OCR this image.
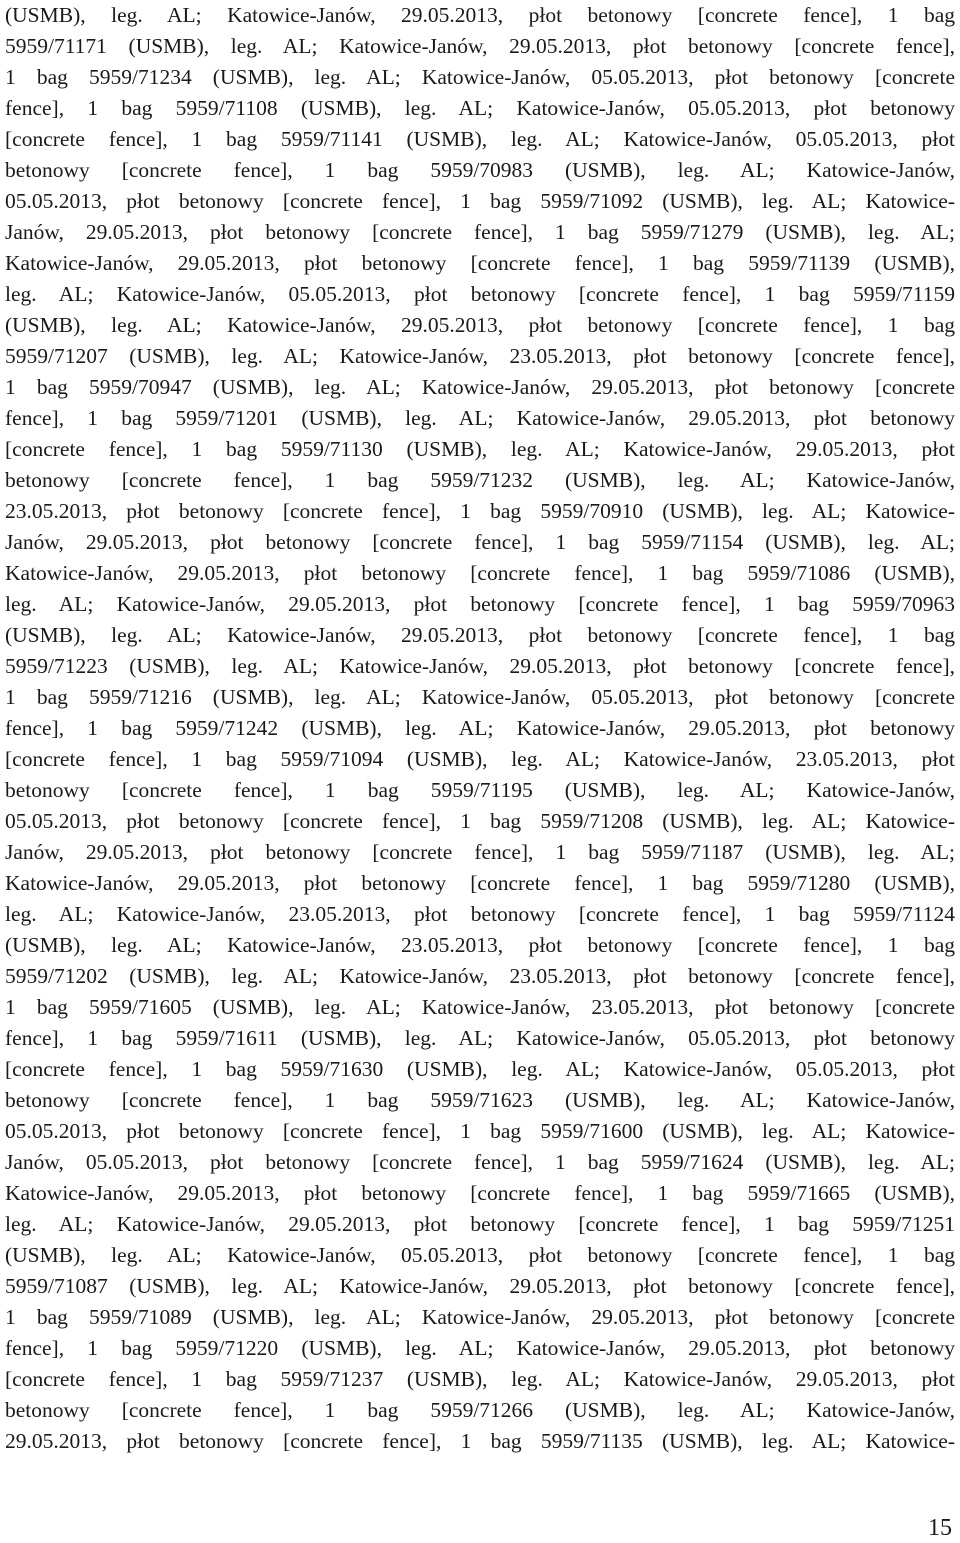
(USMB), leg. AL; Katowice-Janów, 29.05.2013, płot betonowy [concrete fence], 1 bag
5959/71171 (USMB), leg. AL; Katowice-Janów, 29.05.2013, płot betonowy [concrete fence],
1 bag 5959/71234 (USMB), leg. AL; Katowice-Janów, 05.05.2013, płot betonowy [concrete
fence], 1 bag 5959/71108 (USMB), leg. AL; Katowice-Janów, 05.05.2013, płot betonowy
[concrete fence], 1 bag 5959/71141 (USMB), leg. AL; Katowice-Janów, 05.05.2013, płot
betonowy [concrete fence], 1 bag 5959/70983 (USMB), leg. AL; Katowice-Janów,
05.05.2013, płot betonowy [concrete fence], 1 bag 5959/71092 (USMB), leg. AL; Katowice-
Janów, 29.05.2013, płot betonowy [concrete fence], 1 bag 5959/71279 (USMB), leg. AL;
Katowice-Janów, 29.05.2013, płot betonowy [concrete fence], 1 bag 5959/71139 (USMB),
leg. AL; Katowice-Janów, 05.05.2013, płot betonowy [concrete fence], 1 bag 5959/71159
(USMB), leg. AL; Katowice-Janów, 29.05.2013, płot betonowy [concrete fence], 1 bag
5959/71207 (USMB), leg. AL; Katowice-Janów, 23.05.2013, płot betonowy [concrete fence],
1 bag 5959/70947 (USMB), leg. AL; Katowice-Janów, 29.05.2013, płot betonowy [concrete
fence], 1 bag 5959/71201 (USMB), leg. AL; Katowice-Janów, 29.05.2013, płot betonowy
[concrete fence], 1 bag 5959/71130 (USMB), leg. AL; Katowice-Janów, 29.05.2013, płot
betonowy [concrete fence], 1 bag 5959/71232 (USMB), leg. AL; Katowice-Janów,
23.05.2013, płot betonowy [concrete fence], 1 bag 5959/70910 (USMB), leg. AL; Katowice-
Janów, 29.05.2013, płot betonowy [concrete fence], 1 bag 5959/71154 (USMB), leg. AL;
Katowice-Janów, 29.05.2013, płot betonowy [concrete fence], 1 bag 5959/71086 (USMB),
leg. AL; Katowice-Janów, 29.05.2013, płot betonowy [concrete fence], 1 bag 5959/70963
(USMB), leg. AL; Katowice-Janów, 29.05.2013, płot betonowy [concrete fence], 1 bag
5959/71223 (USMB), leg. AL; Katowice-Janów, 29.05.2013, płot betonowy [concrete fence],
1 bag 5959/71216 (USMB), leg. AL; Katowice-Janów, 05.05.2013, płot betonowy [concrete
fence], 1 bag 5959/71242 (USMB), leg. AL; Katowice-Janów, 29.05.2013, płot betonowy
[concrete fence], 1 bag 5959/71094 (USMB), leg. AL; Katowice-Janów, 23.05.2013, płot
betonowy [concrete fence], 1 bag 5959/71195 (USMB), leg. AL; Katowice-Janów,
05.05.2013, płot betonowy [concrete fence], 1 bag 5959/71208 (USMB), leg. AL; Katowice-
Janów, 29.05.2013, płot betonowy [concrete fence], 1 bag 5959/71187 (USMB), leg. AL;
Katowice-Janów, 29.05.2013, płot betonowy [concrete fence], 1 bag 5959/71280 (USMB),
leg. AL; Katowice-Janów, 23.05.2013, płot betonowy [concrete fence], 1 bag 5959/71124
(USMB), leg. AL; Katowice-Janów, 23.05.2013, płot betonowy [concrete fence], 1 bag
5959/71202 (USMB), leg. AL; Katowice-Janów, 23.05.2013, płot betonowy [concrete fence],
1 bag 5959/71605 (USMB), leg. AL; Katowice-Janów, 23.05.2013, płot betonowy [concrete
fence], 1 bag 5959/71611 (USMB), leg. AL; Katowice-Janów, 05.05.2013, płot betonowy
[concrete fence], 1 bag 5959/71630 (USMB), leg. AL; Katowice-Janów, 05.05.2013, płot
betonowy [concrete fence], 1 bag 5959/71623 (USMB), leg. AL; Katowice-Janów,
05.05.2013, płot betonowy [concrete fence], 1 bag 5959/71600 (USMB), leg. AL; Katowice-
Janów, 05.05.2013, płot betonowy [concrete fence], 1 bag 5959/71624 (USMB), leg. AL;
Katowice-Janów, 29.05.2013, płot betonowy [concrete fence], 1 bag 5959/71665 (USMB),
leg. AL; Katowice-Janów, 29.05.2013, płot betonowy [concrete fence], 1 bag 5959/71251
(USMB), leg. AL; Katowice-Janów, 05.05.2013, płot betonowy [concrete fence], 1 bag
5959/71087 (USMB), leg. AL; Katowice-Janów, 29.05.2013, płot betonowy [concrete fence],
1 bag 5959/71089 (USMB), leg. AL; Katowice-Janów, 29.05.2013, płot betonowy [concrete
fence], 1 bag 5959/71220 (USMB), leg. AL; Katowice-Janów, 29.05.2013, płot betonowy
[concrete fence], 1 bag 5959/71237 (USMB), leg. AL; Katowice-Janów, 29.05.2013, płot
betonowy [concrete fence], 1 bag 5959/71266 (USMB), leg. AL; Katowice-Janów,
29.05.2013, płot betonowy [concrete fence], 1 bag 5959/71135 (USMB), leg. AL; Katowice-
15
